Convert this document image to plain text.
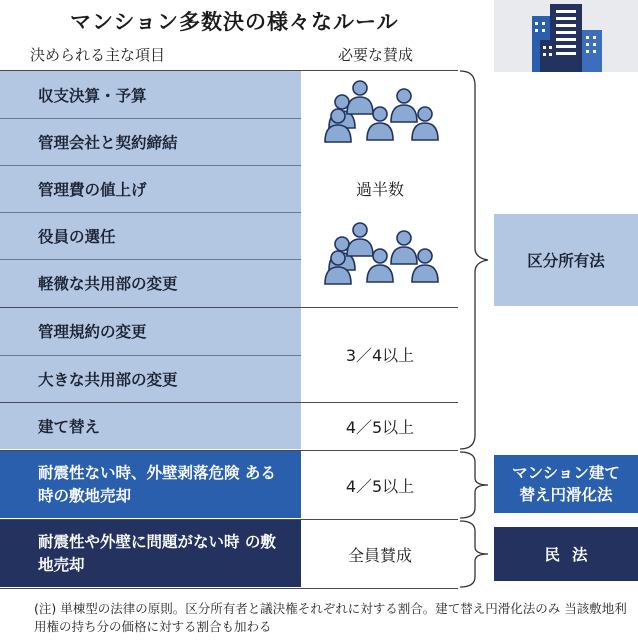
マンション多数決の様々なルール
決められる主な項目	必要な賛成
収支決算・予算
管理会社と契約締結
管理費の値上げ
役員の選任
軽微な共用部の変更
管理規約の変更
大きな共用部の変更
建て替え
耐震性ない時、外壁剥落危険 ある時の敷地売却
耐震性や外壁に問題がない時 の敷地売却
過半数
3／4以上
4／5以上
4／5以上
全員賛成
区分所有法
マンション建て 替え円滑化法
民法
(注) 単棟型の法律の原則。区分所有者と議決権それぞれに対する割合。建て替え円滑化法のみ 当該敷地利用権の持ち分の価格に対する割合も加わる
